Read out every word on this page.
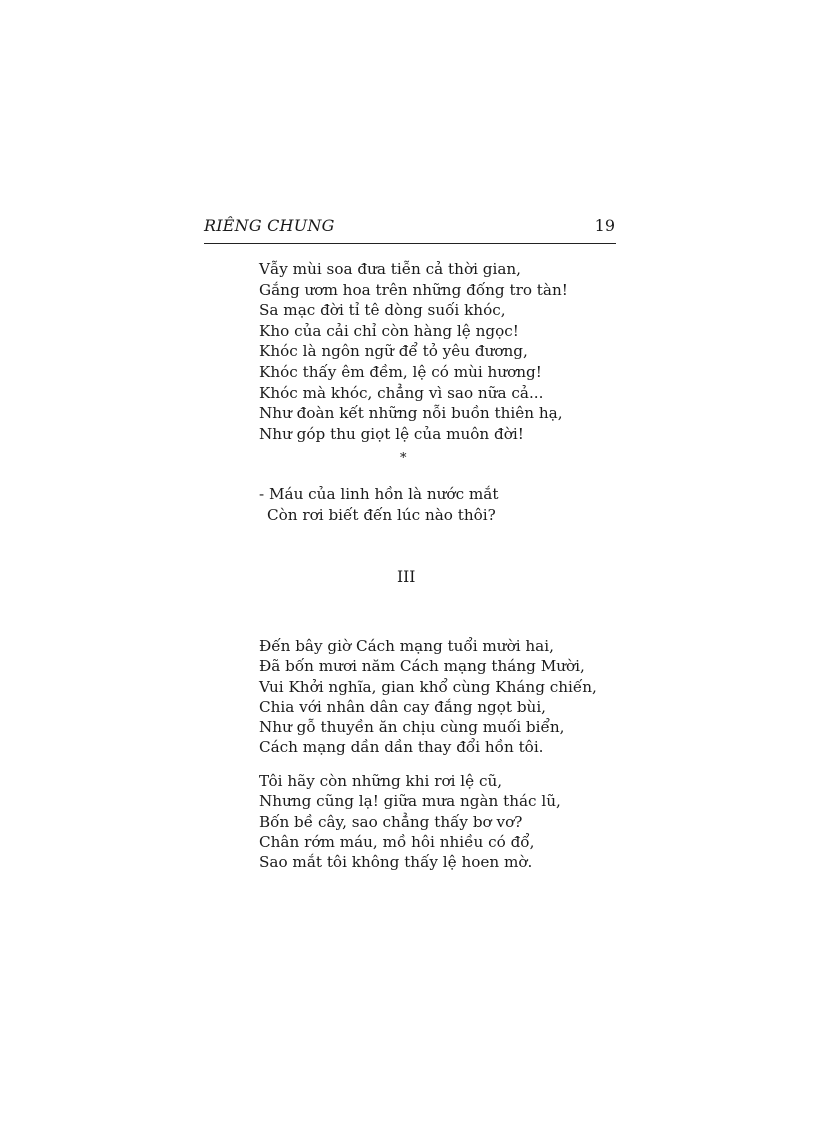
RIÊNG CHUNG	19
Vẫy mùi soa đưa tiễn cả thời gian,
Gắng ươm hoa trên những đống tro tàn!
Sa mạc đời tỉ tê dòng suối khóc,
Kho của cải chỉ còn hàng lệ ngọc!
Khóc là ngôn ngữ để tỏ yêu đương,
Khóc thấy êm đềm, lệ có mùi hương!
Khóc mà khóc, chẳng vì sao nữa cả...
Như đoàn kết những nỗi buồn thiên hạ,
Như góp thu giọt lệ của muôn đời!
*
- Máu của linh hồn là nước mắt
Còn rơi biết đến lúc nào thôi?
III
Đến bây giờ Cách mạng tuổi mười hai,
Đã bốn mươi năm Cách mạng tháng Mười,
Vui Khởi nghĩa, gian khổ cùng Kháng chiến,
Chia với nhân dân cay đắng ngọt bùi,
Như gỗ thuyền ăn chịu cùng muối biển,
Cách mạng dần dần thay đổi hồn tôi.
Tôi hãy còn những khi rơi lệ cũ,
Nhưng cũng lạ! giữa mưa ngàn thác lũ,
Bốn bề cây, sao chẳng thấy bơ vơ?
Chân rớm máu, mồ hôi nhiều có đổ,
Sao mắt tôi không thấy lệ hoen mờ.
